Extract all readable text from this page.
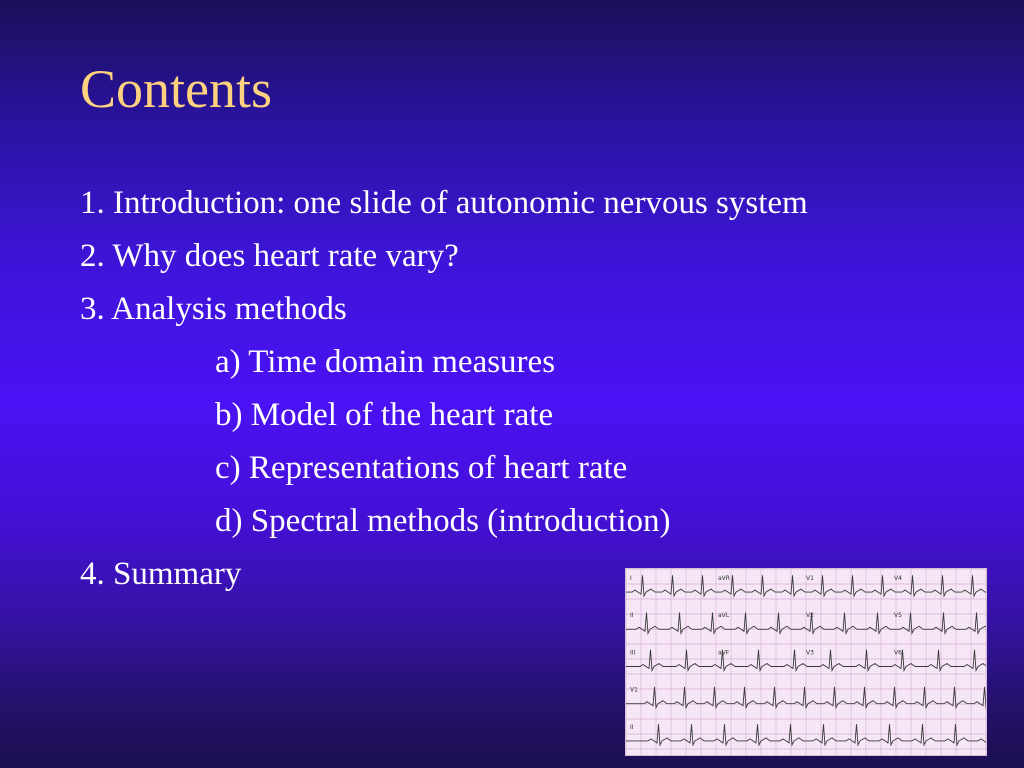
Contents
1. Introduction: one slide of autonomic nervous system
2. Why does heart rate vary?
3. Analysis methods
a) Time domain measures
b) Model of the heart rate
c) Representations of heart rate
d) Spectral methods (introduction)
4. Summary	I	aVR	V1	V4
II	aVL	V2	V5
III	aVF	V3	V6
V1
II
